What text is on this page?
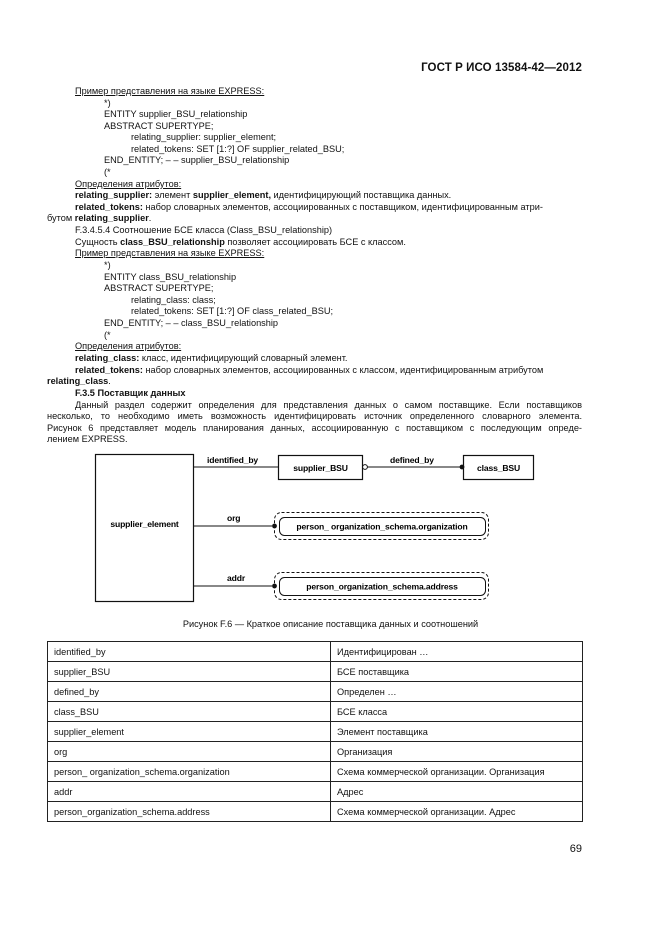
ГОСТ Р ИСО 13584-42—2012
Пример представления на языке EXPRESS:
*)
ENTITY supplier_BSU_relationship
ABSTRACT SUPERTYPE;
relating_supplier: supplier_element;
related_tokens: SET [1:?] OF supplier_related_BSU;
END_ENTITY; – – supplier_BSU_relationship
(*
Определения атрибутов:
relating_supplier: элемент supplier_element, идентифицирующий поставщика данных.
related_tokens: набор словарных элементов, ассоциированных с поставщиком, идентифицированным атри-
бутом relating_supplier.
F.3.4.5.4 Соотношение БСЕ класса (Class_BSU_relationship)
Сущность class_BSU_relationship позволяет ассоциировать БСЕ с классом.
Пример представления на языке EXPRESS:
*)
ENTITY class_BSU_relationship
ABSTRACT SUPERTYPE;
relating_class: class;
related_tokens: SET [1:?] OF class_related_BSU;
END_ENTITY; – – class_BSU_relationship
(*
Определения атрибутов:
relating_class: класс, идентифицирующий словарный элемент.
related_tokens: набор словарных элементов, ассоциированных с классом, идентифицированным атрибутом
relating_class.
F.3.5 Поставщик данных
Данный раздел содержит определения для представления данных о самом поставщике. Если поставщиков
несколько, то необходимо иметь возможность идентифицировать источник определенного словарного элемента.
Рисунок 6 представляет модель планирования данных, ассоциированную с поставщиком с последующим опреде-
лением EXPRESS.
supplier_element
identified_by
supplier_BSU
defined_by
class_BSU
org
person_ organization_schema.organization
addr
person_organization_schema.address
Рисунок F.6 — Краткое описание поставщика данных и соотношений
identified_by	Идентифицирован …
supplier_BSU	БСЕ поставщика
defined_by	Определен …
class_BSU	БСЕ класса
supplier_element	Элемент поставщика
org	Организация
person_ organization_schema.organization	Схема коммерческой организации. Организация
addr	Адрес
person_organization_schema.address	Схема коммерческой организации. Адрес
69
